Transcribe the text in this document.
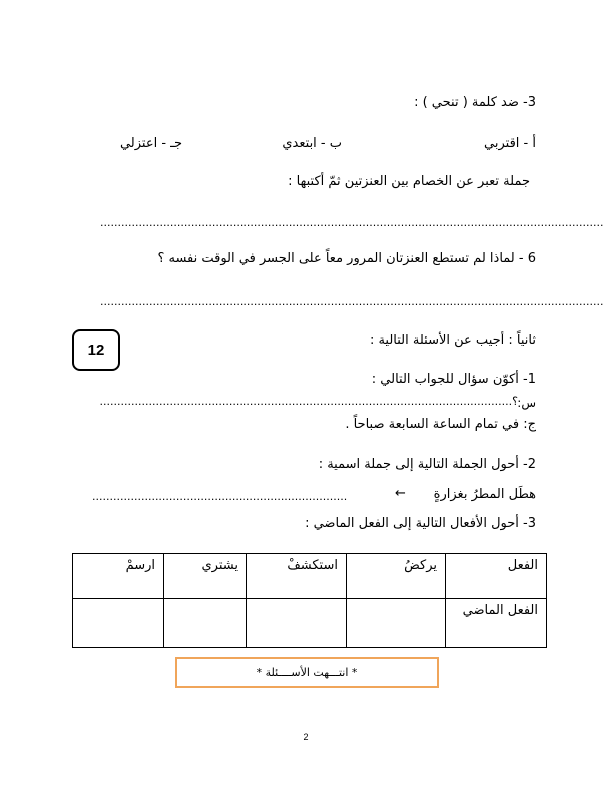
3- ضد كلمة ( تنحي ) :
أ - اقتربي
ب - ابتعدي
جـ - اعتزلي
جملة تعبر عن الخصام بين العنزتين ثمّ أكتبها :
................................................................................................................................................
6 - لماذا لم تستطع العنزتان المرور معاً على الجسر في الوقت نفسه ؟
................................................................................................................................................
12
ثانياً : أجيب عن الأسئلة التالية :
1- أكوّن سؤال للجواب التالي :
س:
......................................................................................................................؟
ج: في تمام الساعة السابعة صباحاً .
2- أحول الجملة التالية إلى جملة اسمية :
هطَل المطرُ بغزارةٍ
←
.........................................................................
3- أحول الأفعال التالية إلى الفعل الماضي :
الفعل	يركضُ	استكشفْ	يشتري	ارسمْ
الفعل الماضي				
* انتـــهت الأســــئلة *
2
